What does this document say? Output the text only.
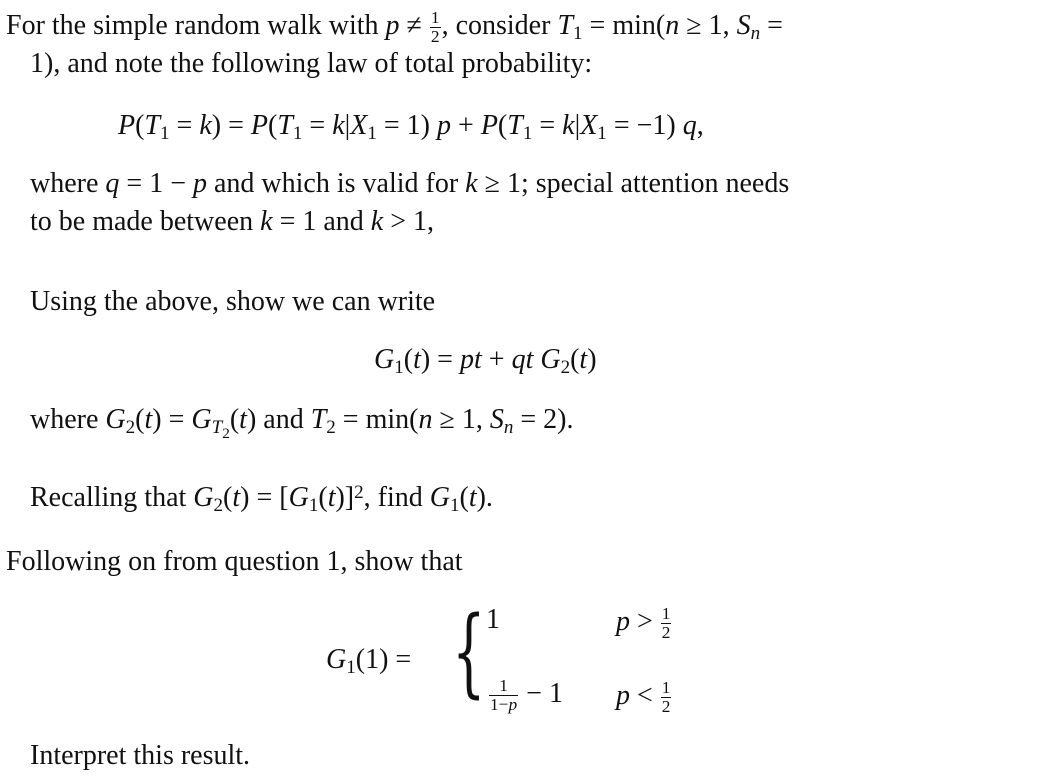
For the simple random walk with $p \ne \frac{1}{2}$ , consider $T_1 = \min(n \ge 1$, $S_n$ =
1), and note the following law of total probability:
$P(T_1 = k) = P(T_1 = k|X_1 = 1) p + P(T_1 = k|X_1 = -1)$ q,
where q = 1 − p and which is valid for k ≥ 1; special attention needs
to be made between k = 1 and k > 1,
Using the above, show we can write
$G_1(t)$ = pt + qt $G_2(t)$
where $G_2(t) = G_{T_2}(t)$ and $T_2 = \min(n \ge 1$, $S_n = 2$).
Recalling that $G_2(t) = [G_1(t)]^2$, find $G_1(t)$.
Following on from question 1, show that
$G_1(1)$ = { 1	$p > \frac{1}{2}$
$\frac{1}{1-p} - 1$ $p < \frac{1}{2}$
Interpret this result.
